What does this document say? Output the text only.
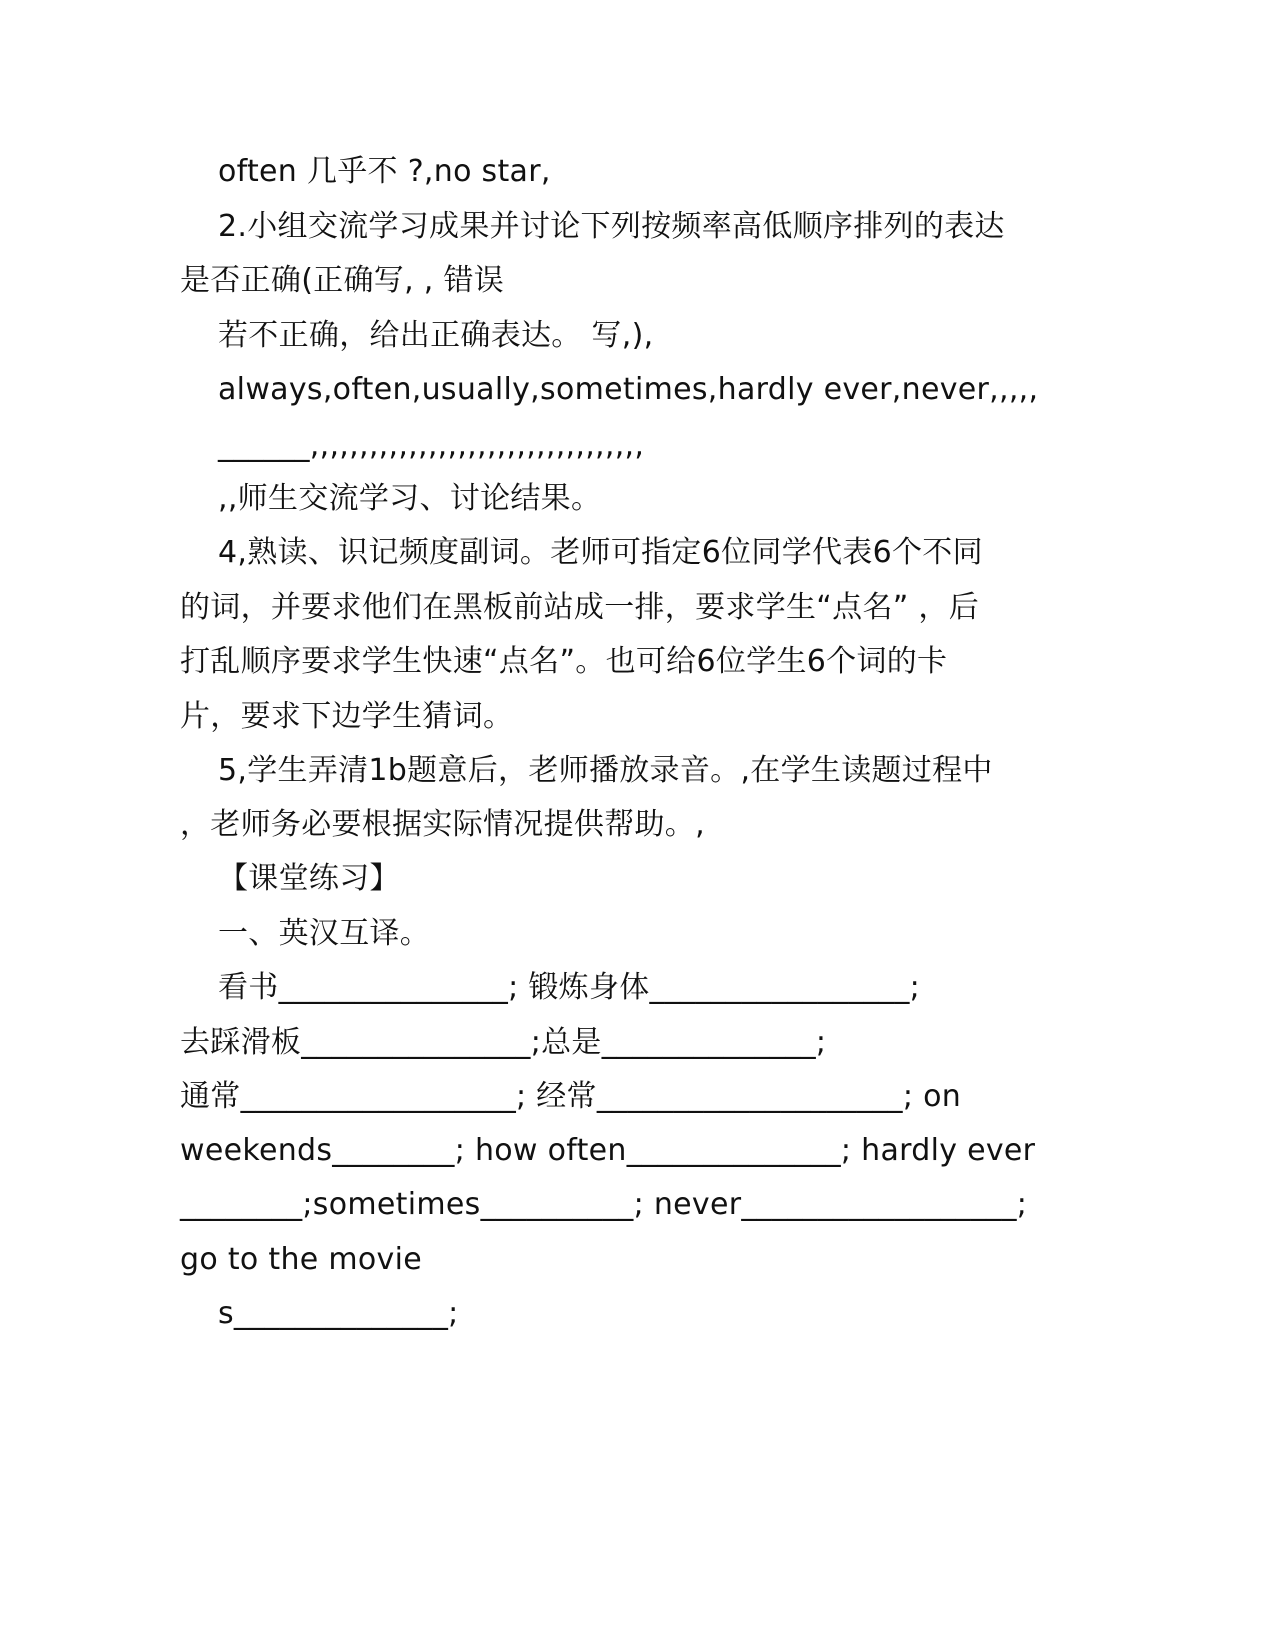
often 几乎不 ?,no star,
2.小组交流学习成果并讨论下列按频率高低顺序排列的表达
是否正确(正确写, , 错误
若不正确，给出正确表达。 写,),
always,often,usually,sometimes,hardly ever,never,,,,,
______,,,,,,,,,,,,,,,,,,,,,,,,,,,,,,,,,,
,,师生交流学习、讨论结果。
4,熟读、识记频度副词。老师可指定6位同学代表6个不同
的词，并要求他们在黑板前站成一排，要求学生“点名” ，后
打乱顺序要求学生快速“点名”。也可给6位学生6个词的卡
片，要求下边学生猜词。
5,学生弄清1b题意后，老师播放录音。,在学生读题过程中
，老师务必要根据实际情况提供帮助。,
【课堂练习】
一、英汉互译。
看书_______________; 锻炼身体_________________;
去踩滑板_______________;总是______________;
通常__________________; 经常____________________; on
weekends________; how often______________; hardly ever
________;sometimes__________; never__________________;
go to the movie
s______________;
